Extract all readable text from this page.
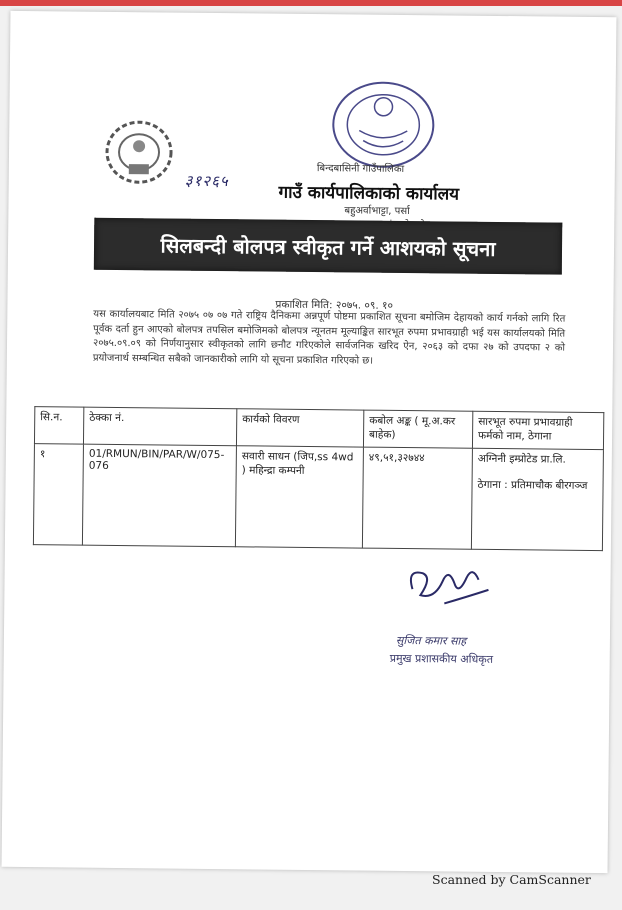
३१२६५
बिन्दबासिनी गाउँपालिका
गाउँ कार्यपालिकाको कार्यालय
बहुअर्वाभाट्टा, पर्सा
सिलबन्दी बोलपत्र स्वीकृत गर्ने आशयको सूचना
प्रकाशित मिति: २०७५. ०९. १०
यस कार्यालयबाट मिति २०७५ ०७ ०७ गते राष्ट्रिय दैनिकमा अन्नपूर्ण पोष्टमा प्रकाशित सूचना बमोजिम देहायको कार्य गर्नको लागि रित पूर्वक दर्ता हुन आएको बोलपत्र तपसिल बमोजिमको बोलपत्र न्यूनतम मूल्याङ्कित सारभूत रुपमा प्रभावग्राही भई यस कार्यालयको मिति २०७५.०९.०९ को निर्णयानुसार स्वीकृतको लागि छनौट गरिएकोले सार्वजनिक खरिद ऐन, २०६३ को दफा २७ को उपदफा २ को प्रयोजनार्थ सम्बन्धित सबैको जानकारीको लागि यो सूचना प्रकाशित गरिएको छ।
सि.न.	ठेक्का नं.	कार्यको विवरण	कबोल अङ्क ( मू.अ.कर बाहेक)	सारभूत रुपमा प्रभावग्राही फर्मको नाम, ठेगाना
१	01/RMUN/BIN/PAR/W/075-076	सवारी साधन (जिप,ss 4wd ) महिन्द्रा कम्पनी	४९,५१,३२७४४	अग्निनी इम्प्रोटेड प्रा.लि.
ठेगाना : प्रतिमाचौक बीरगञ्ज
सुजित कमार साह
प्रमुख प्रशासकीय अधिकृत
Scanned by CamScanner
